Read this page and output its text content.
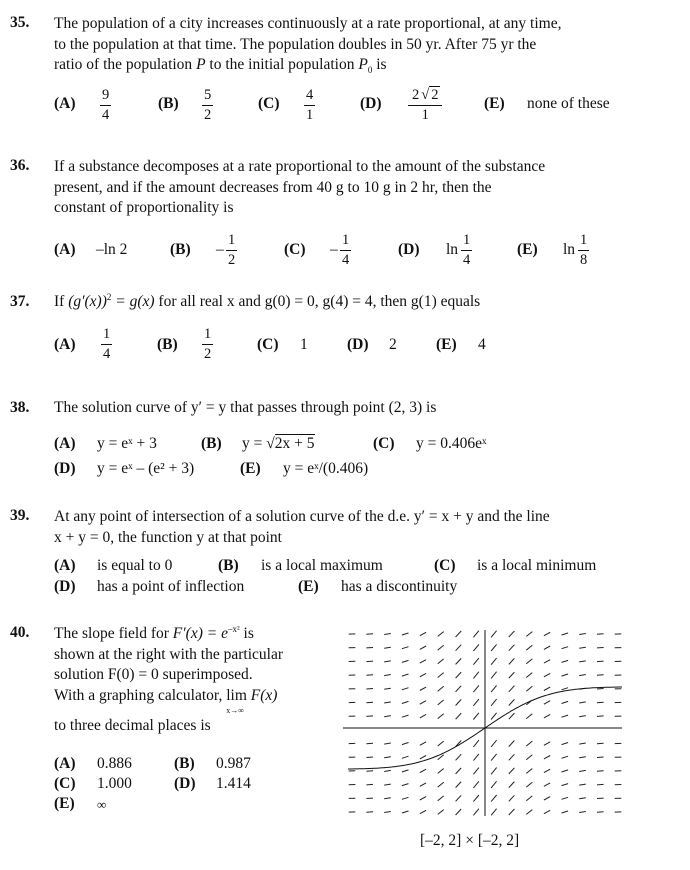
35. The population of a city increases continuously at a rate proportional, at any time,
to the population at that time. The population doubles in 50 yr. After 75 yr the
ratio of the population P to the initial population $P_0$ is
(A) 9
4
(B) 5
2
(C) 4
1
(D) 2 √ 2
1
(E) none of these
36. If a substance decomposes at a rate proportional to the amount of the substance
present, and if the amount decreases from 40 g to 10 g in 2 hr, then the
constant of proportionality is
(A) –ln 2	(B) –
1
2
(C) –
1
4
(D) ln
1
4
(E) ln
1
8
37. If $(g'(x))^2 = g(x)$ for all real x and g(0) = 0, g(4) = 4, then g(1) equals
(A)
1
4
(B)
1
2
(C) 1	(D) 2	(E) 4
38. The solution curve of y′ = y that passes through point (2, 3) is
(A) y = eˣ + 3	(B) y = √2x + 5	(C) y = 0.406eˣ
(D) y = eˣ – (e² + 3)	(E) y = eˣ/(0.406)
39. At any point of intersection of a solution curve of the d.e. y′ = x + y and the line
x + y = 0, the function y at that point
(A) is equal to 0	(B) is a local maximum	(C) is a local minimum
(D) has a point of inflection	(E) has a discontinuity
40. The slope field for $F'(x) = e^{-x^2}$ is
shown at the right with the particular
solution F(0) = 0 superimposed.
With a graphing calculator, lim
x→∞
F(x)
to three decimal places is
(A) 0.886	(B) 0.987
(C) 1.000	(D) 1.414
(E) ∞
[–2, 2] × [–2, 2]
